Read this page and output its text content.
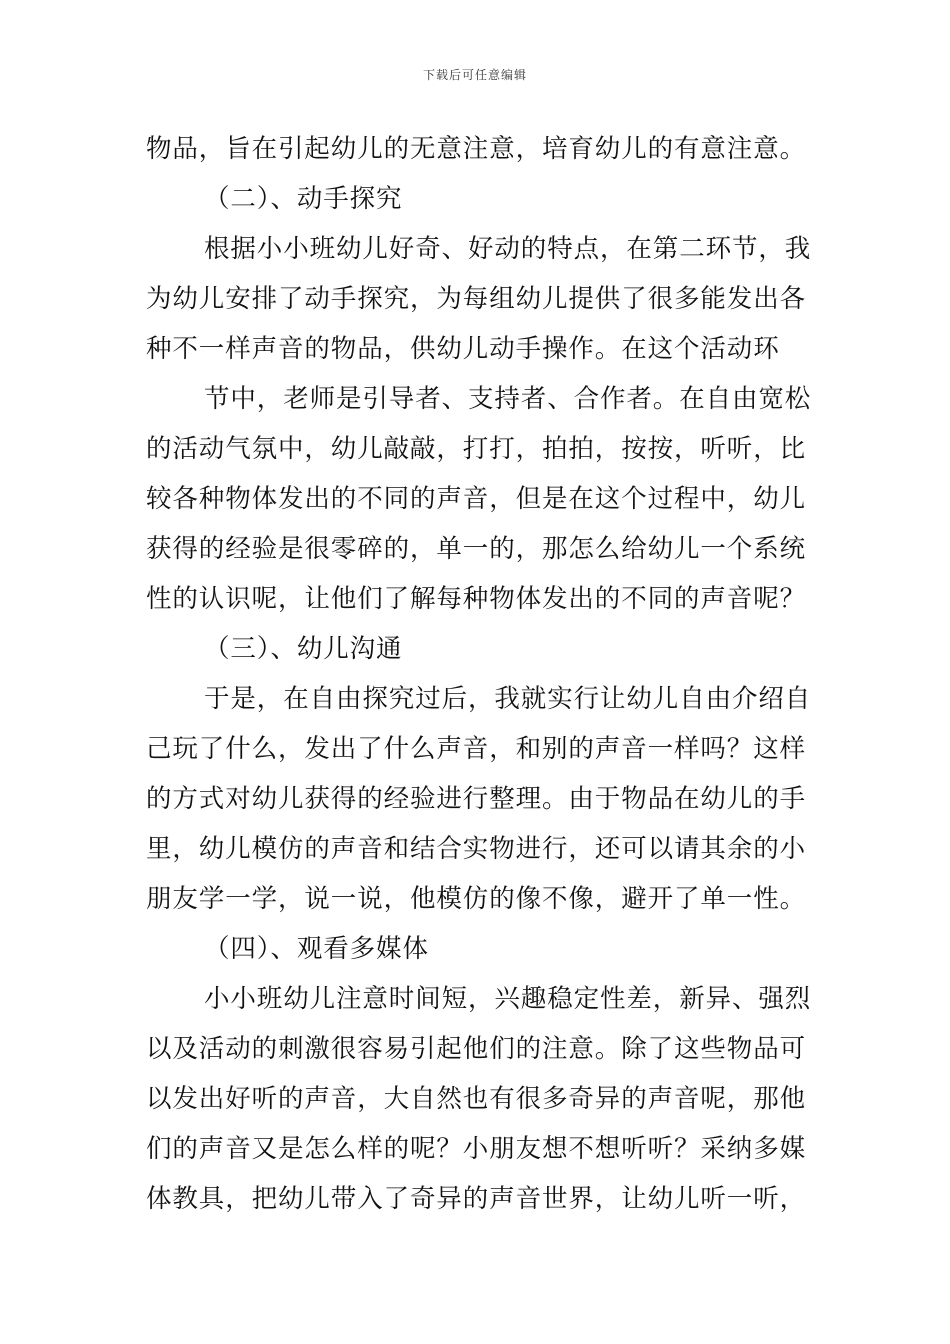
下载后可任意编辑
物品，旨在引起幼儿的无意注意，培育幼儿的有意注意。
（二）、动手探究
根据小小班幼儿好奇、好动的特点，在第二环节，我
为幼儿安排了动手探究，为每组幼儿提供了很多能发出各
种不一样声音的物品，供幼儿动手操作。在这个活动环
节中，老师是引导者、支持者、合作者。在自由宽松
的活动气氛中，幼儿敲敲，打打，拍拍，按按，听听，比
较各种物体发出的不同的声音，但是在这个过程中，幼儿
获得的经验是很零碎的，单一的，那怎么给幼儿一个系统
性的认识呢，让他们了解每种物体发出的不同的声音呢？
（三）、幼儿沟通
于是，在自由探究过后，我就实行让幼儿自由介绍自
己玩了什么，发出了什么声音，和别的声音一样吗？这样
的方式对幼儿获得的经验进行整理。由于物品在幼儿的手
里，幼儿模仿的声音和结合实物进行，还可以请其余的小
朋友学一学，说一说，他模仿的像不像，避开了单一性。
（四）、观看多媒体
小小班幼儿注意时间短，兴趣稳定性差，新异、强烈
以及活动的刺激很容易引起他们的注意。除了这些物品可
以发出好听的声音，大自然也有很多奇异的声音呢，那他
们的声音又是怎么样的呢？小朋友想不想听听？采纳多媒
体教具，把幼儿带入了奇异的声音世界，让幼儿听一听，
